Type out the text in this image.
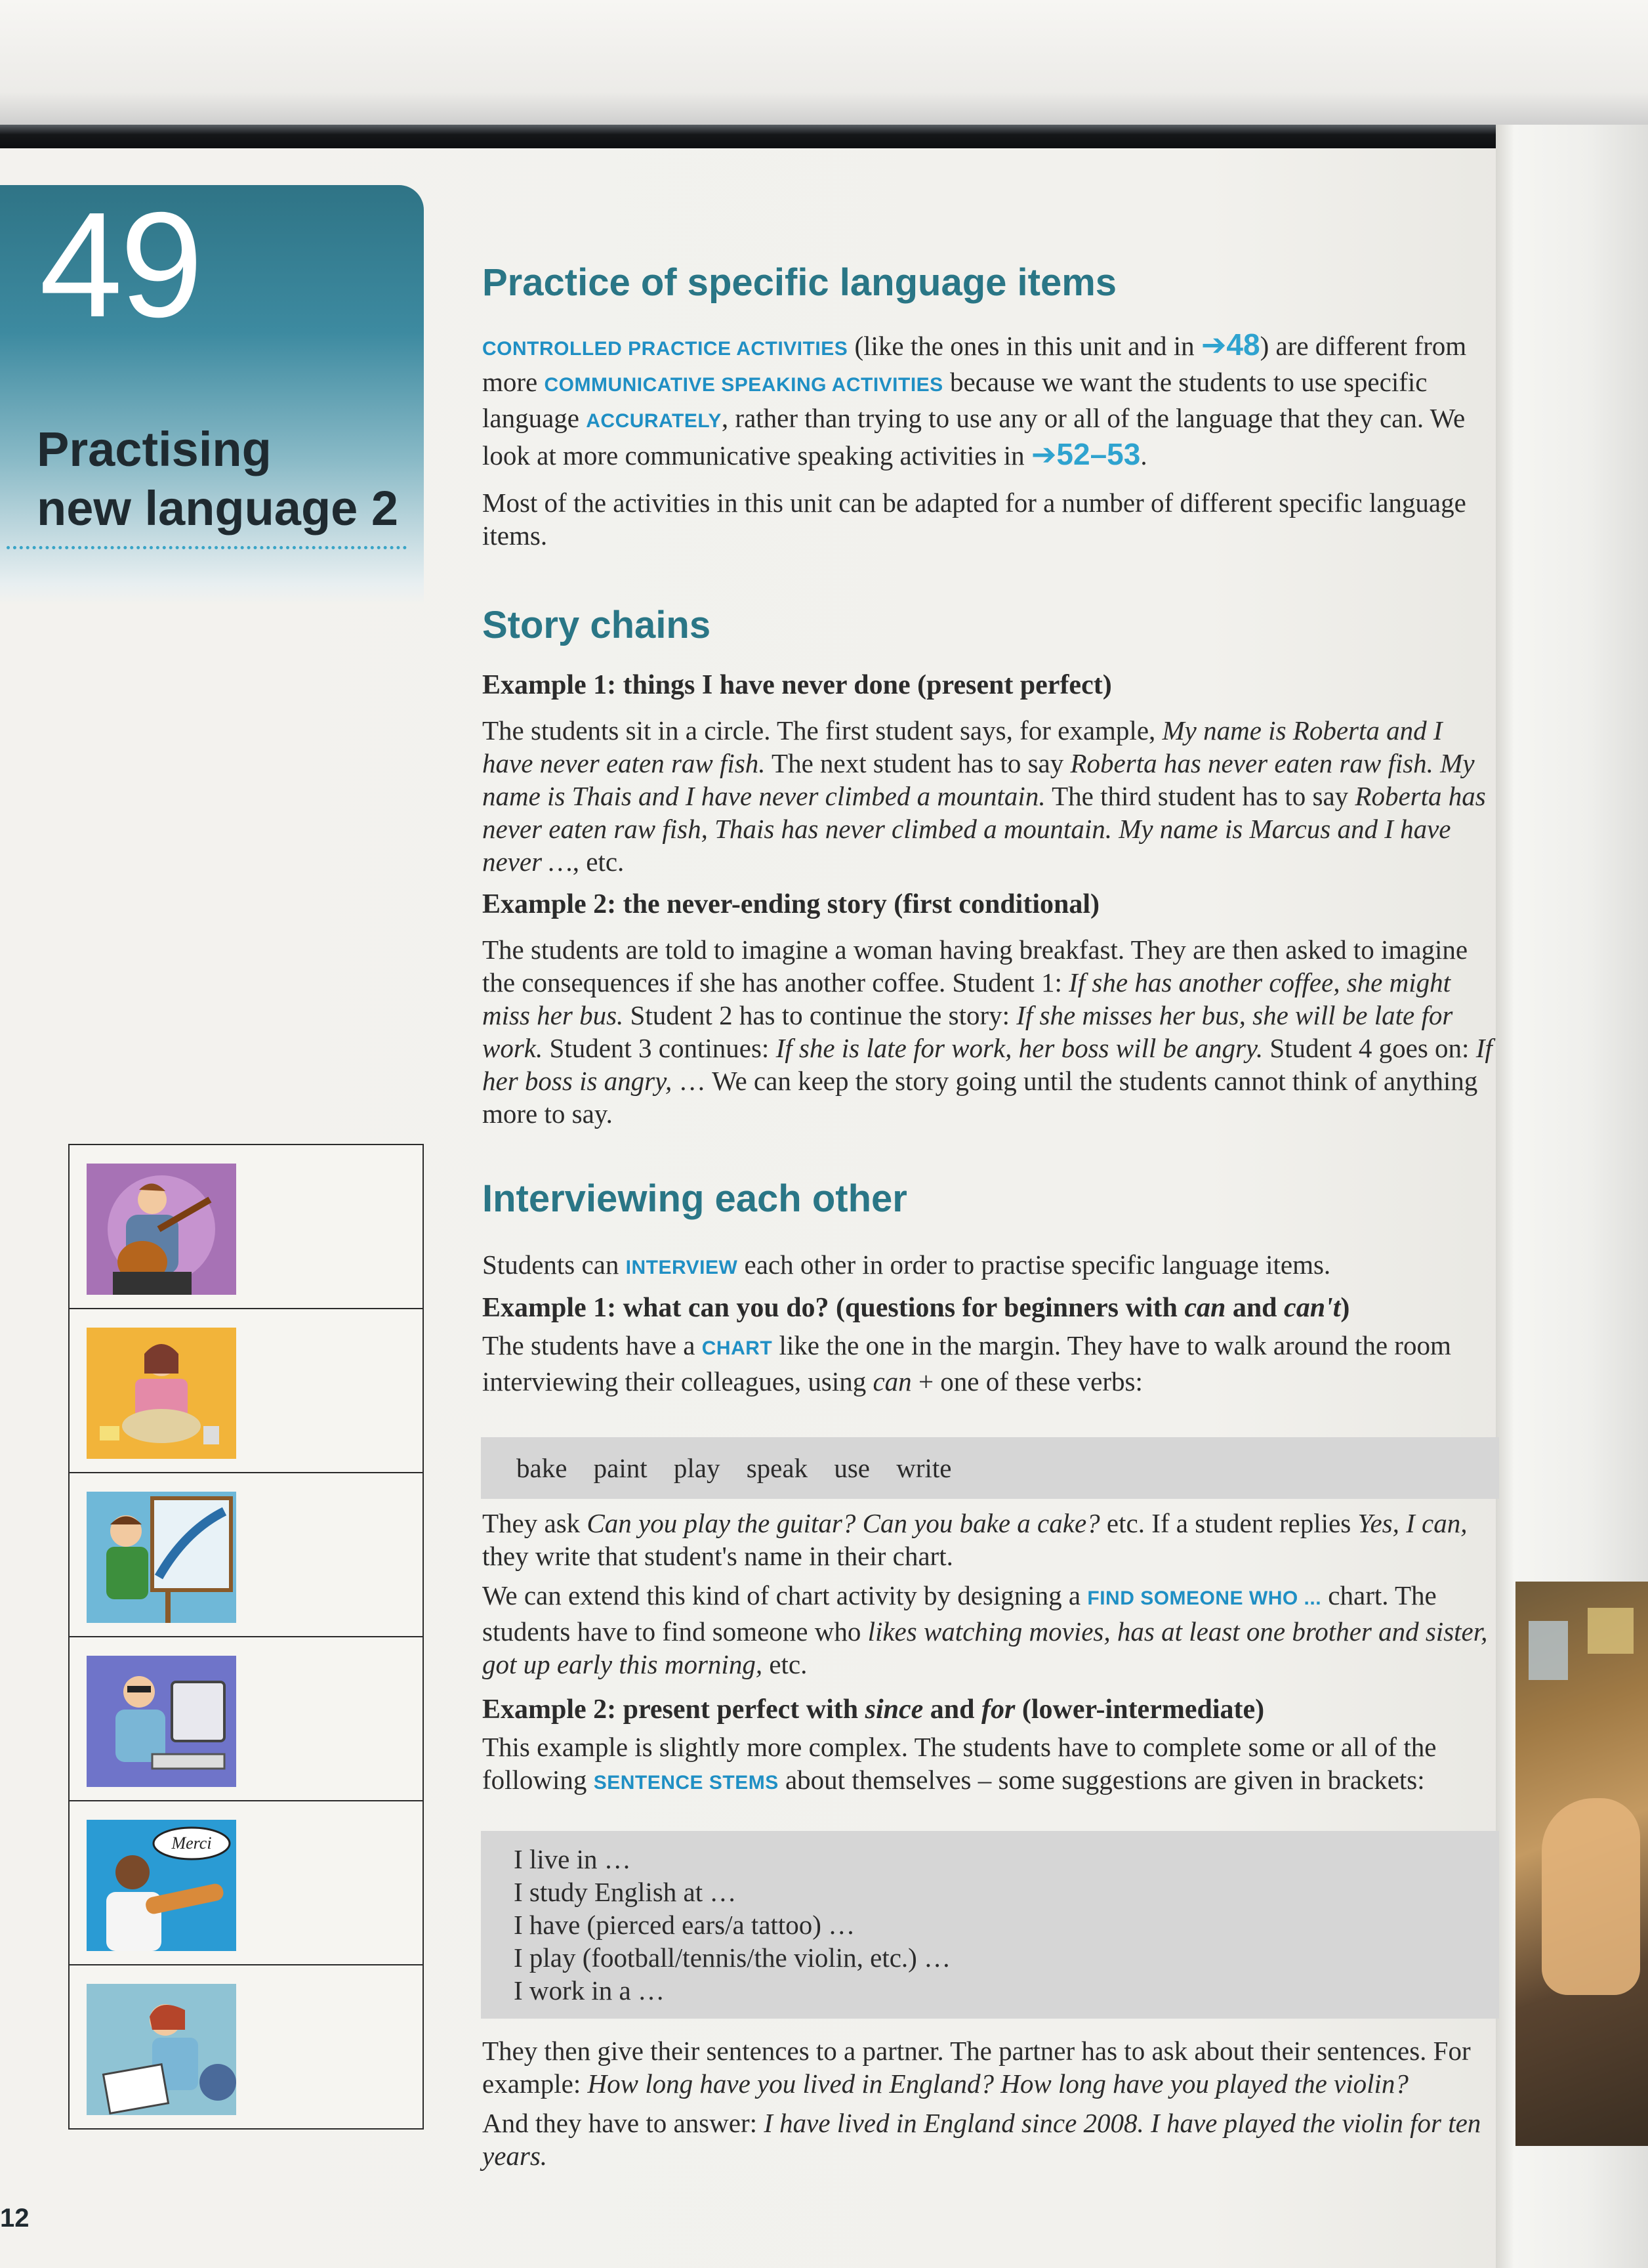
49
Practising
new language 2
Practice of specific language items

CONTROLLED PRACTICE ACTIVITIES (like the ones in this unit and in ➔48) are different from more COMMUNICATIVE SPEAKING ACTIVITIES because we want the students to use specific language ACCURATELY, rather than trying to use any or all of the language that they can. We look at more communicative speaking activities in ➔52–53.

Most of the activities in this unit can be adapted for a number of different specific language items.

Story chains
Example 1: things I have never done (present perfect)

The students sit in a circle. The first student says, for example, My name is Roberta and I have never eaten raw fish. The next student has to say Roberta has never eaten raw fish. My name is Thais and I have never climbed a mountain. The third student has to say Roberta has never eaten raw fish, Thais has never climbed a mountain. My name is Marcus and I have never …, etc.

Example 2: the never-ending story (first conditional)

The students are told to imagine a woman having breakfast. They are then asked to imagine the consequences if she has another coffee. Student 1: If she has another coffee, she might miss her bus. Student 2 has to continue the story: If she misses her bus, she will be late for work. Student 3 continues: If she is late for work, her boss will be angry. Student 4 goes on: If her boss is angry, … We can keep the story going until the students cannot think of anything more to say.

Interviewing each other

Students can INTERVIEW each other in order to practise specific language items.

Example 1: what can you do? (questions for beginners with can and can't)

The students have a CHART like the one in the margin. They have to walk around the room interviewing their colleagues, using can + one of these verbs:

bake paint play speak use write

They ask Can you play the guitar? Can you bake a cake? etc. If a student replies Yes, I can, they write that student's name in their chart.

We can extend this kind of chart activity by designing a FIND SOMEONE WHO ... chart. The students have to find someone who likes watching movies, has at least one brother and sister, got up early this morning, etc.

Example 2: present perfect with since and for (lower-intermediate)

This example is slightly more complex. The students have to complete some or all of the following SENTENCE STEMS about themselves – some suggestions are given in brackets:

I live in …
I study English at …
I have (pierced ears/a tattoo) …
I play (football/tennis/the violin, etc.) …
I work in a …

They then give their sentences to a partner. The partner has to ask about their sentences. For example: How long have you lived in England? How long have you played the violin?

And they have to answer: I have lived in England since 2008. I have played the violin for ten years.

Merci
12
